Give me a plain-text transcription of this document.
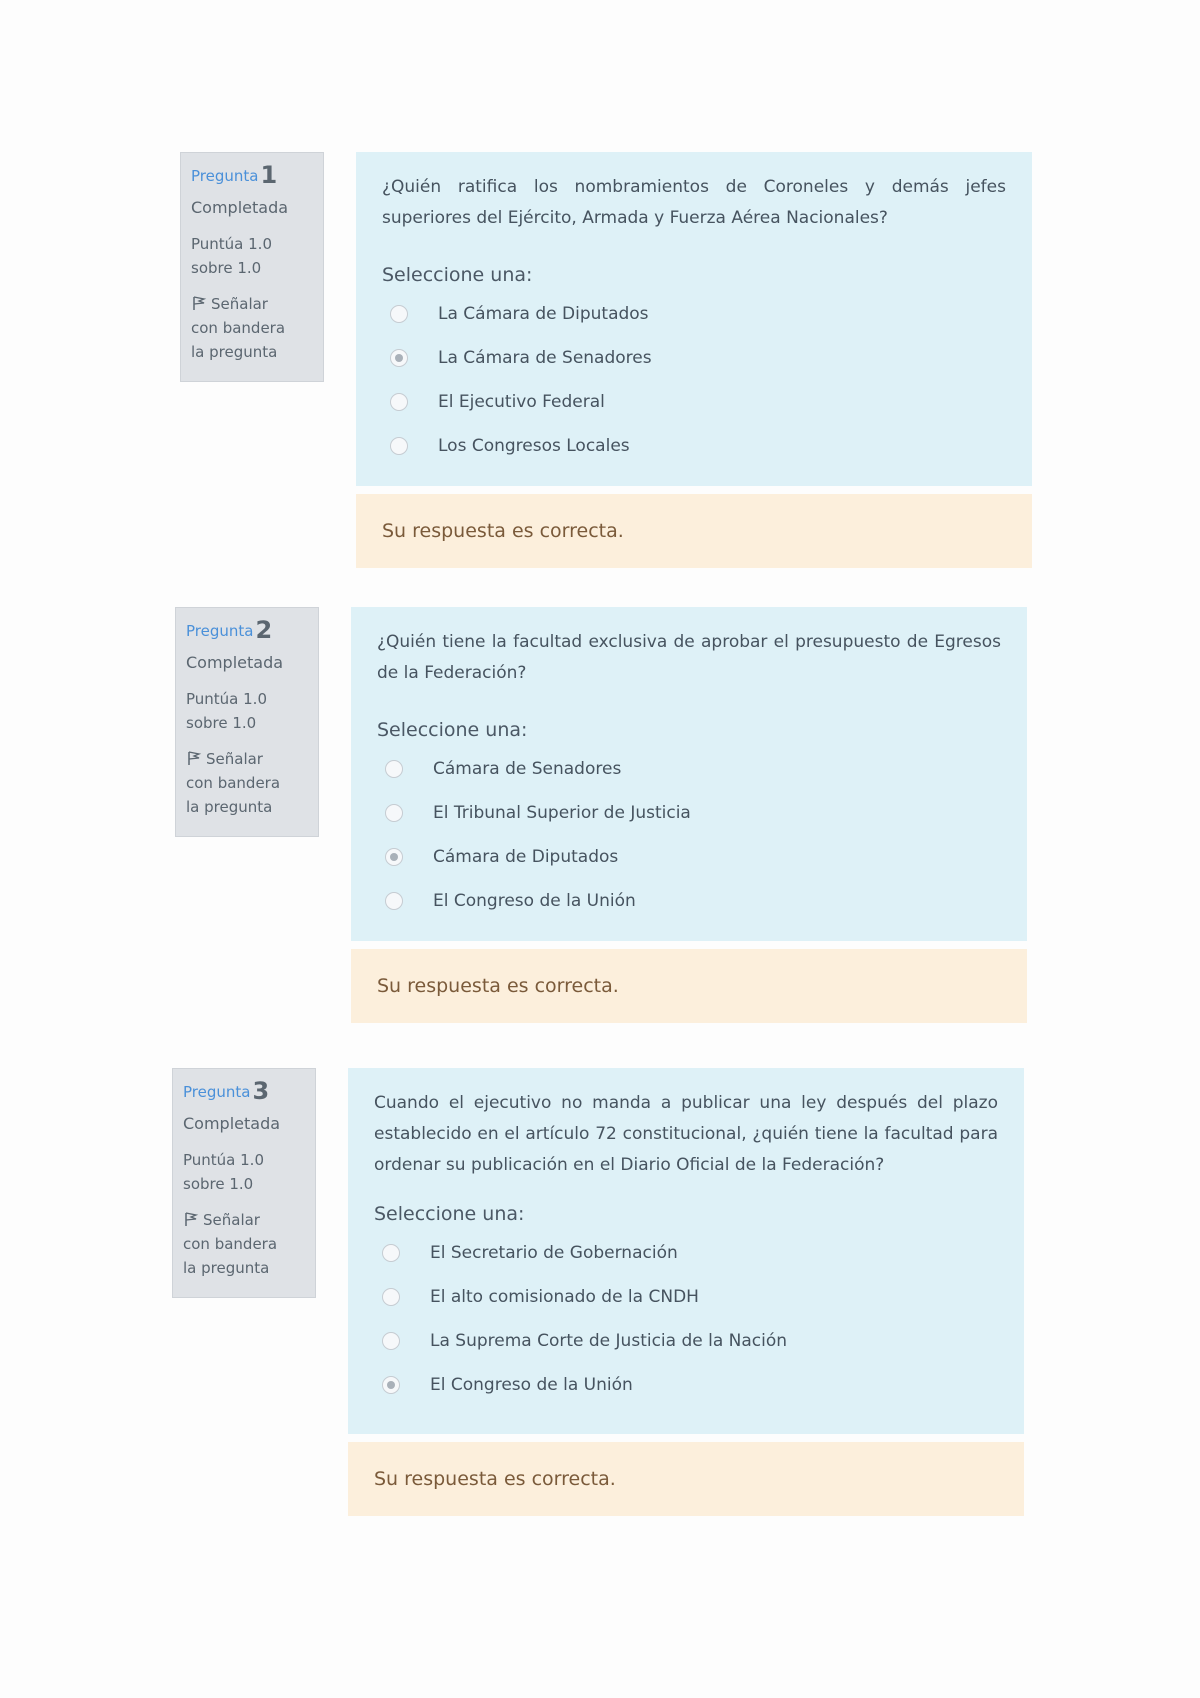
Pregunta1
Completada
Puntúa 1.0
sobre 1.0
Señalar
con bandera
la pregunta

¿Quién ratifica los nombramientos de Coroneles y demás jefes superiores del Ejército, Armada y Fuerza Aérea Nacionales?

Seleccione una:
La Cámara de Diputados
La Cámara de Senadores
El Ejecutivo Federal
Los Congresos Locales
Su respuesta es correcta.
Pregunta2
Completada
Puntúa 1.0
sobre 1.0
Señalar
con bandera
la pregunta

¿Quién tiene la facultad exclusiva de aprobar el presupuesto de Egresos de la Federación?

Seleccione una:
Cámara de Senadores
El Tribunal Superior de Justicia
Cámara de Diputados
El Congreso de la Unión
Su respuesta es correcta.
Pregunta3
Completada
Puntúa 1.0
sobre 1.0
Señalar
con bandera
la pregunta

Cuando el ejecutivo no manda a publicar una ley después del plazo establecido en el artículo 72 constitucional, ¿quién tiene la facultad para ordenar su publicación en el Diario Oficial de la Federación?

Seleccione una:
El Secretario de Gobernación
El alto comisionado de la CNDH
La Suprema Corte de Justicia de la Nación
El Congreso de la Unión
Su respuesta es correcta.
